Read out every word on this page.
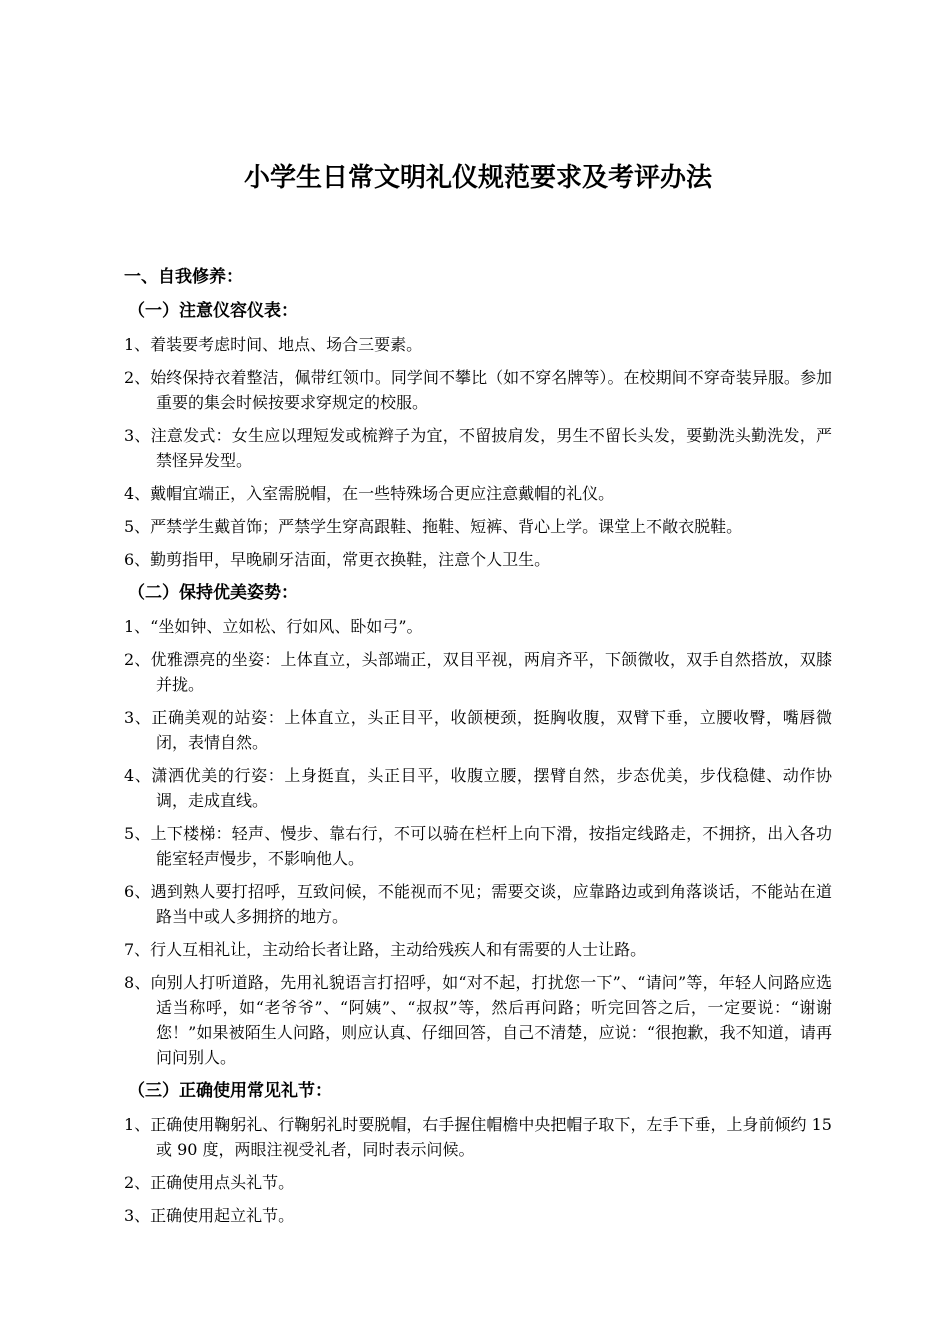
小学生日常文明礼仪规范要求及考评办法
一、自我修养：
（一）注意仪容仪表：

1、着装要考虑时间、地点、场合三要素。

2、始终保持衣着整洁，佩带红领巾。同学间不攀比（如不穿名牌等）。在校期间不穿奇装异服。参加重要的集会时候按要求穿规定的校服。

3、注意发式：女生应以理短发或梳辫子为宜，不留披肩发，男生不留长头发，要勤洗头勤洗发，严禁怪异发型。

4、戴帽宜端正，入室需脱帽，在一些特殊场合更应注意戴帽的礼仪。

5、严禁学生戴首饰；严禁学生穿高跟鞋、拖鞋、短裤、背心上学。课堂上不敞衣脱鞋。

6、勤剪指甲，早晚刷牙洁面，常更衣换鞋，注意个人卫生。

（二）保持优美姿势：

1、“坐如钟、立如松、行如风、卧如弓”。

2、优雅漂亮的坐姿：上体直立，头部端正，双目平视，两肩齐平，下颌微收，双手自然搭放，双膝并拢。

3、正确美观的站姿：上体直立，头正目平，收颌梗颈，挺胸收腹，双臂下垂，立腰收臀，嘴唇微闭，表情自然。

4、潇洒优美的行姿：上身挺直，头正目平，收腹立腰，摆臂自然，步态优美，步伐稳健、动作协调，走成直线。

5、上下楼梯：轻声、慢步、靠右行，不可以骑在栏杆上向下滑，按指定线路走，不拥挤，出入各功能室轻声慢步，不影响他人。

6、遇到熟人要打招呼，互致问候，不能视而不见；需要交谈，应靠路边或到角落谈话，不能站在道路当中或人多拥挤的地方。

7、行人互相礼让，主动给长者让路，主动给残疾人和有需要的人士让路。

8、向别人打听道路，先用礼貌语言打招呼，如“对不起，打扰您一下”、“请问”等，年轻人问路应选适当称呼，如“老爷爷”、“阿姨”、“叔叔”等，然后再问路；听完回答之后，一定要说：“谢谢您！”如果被陌生人问路，则应认真、仔细回答，自己不清楚，应说：“很抱歉，我不知道，请再问问别人。

（三）正确使用常见礼节：

1、正确使用鞠躬礼、行鞠躬礼时要脱帽，右手握住帽檐中央把帽子取下，左手下垂，上身前倾约 15 或 90 度，两眼注视受礼者，同时表示问候。

2、正确使用点头礼节。

3、正确使用起立礼节。
